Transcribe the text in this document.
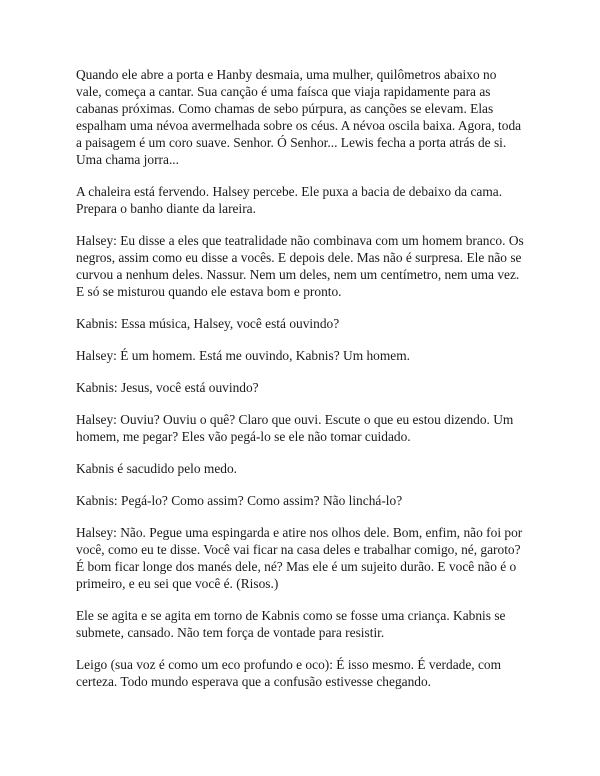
Quando ele abre a porta e Hanby desmaia, uma mulher, quilômetros abaixo no vale, começa a cantar. Sua canção é uma faísca que viaja rapidamente para as cabanas próximas. Como chamas de sebo púrpura, as canções se elevam. Elas espalham uma névoa avermelhada sobre os céus. A névoa oscila baixa. Agora, toda a paisagem é um coro suave. Senhor. Ó Senhor... Lewis fecha a porta atrás de si. Uma chama jorra...

A chaleira está fervendo. Halsey percebe. Ele puxa a bacia de debaixo da cama. Prepara o banho diante da lareira.

Halsey: Eu disse a eles que teatralidade não combinava com um homem branco. Os negros, assim como eu disse a vocês. E depois dele. Mas não é surpresa. Ele não se curvou a nenhum deles. Nassur. Nem um deles, nem um centímetro, nem uma vez. E só se misturou quando ele estava bom e pronto.

Kabnis: Essa música, Halsey, você está ouvindo?

Halsey: É um homem. Está me ouvindo, Kabnis? Um homem.

Kabnis: Jesus, você está ouvindo?

Halsey: Ouviu? Ouviu o quê? Claro que ouvi. Escute o que eu estou dizendo. Um homem, me pegar? Eles vão pegá-lo se ele não tomar cuidado.

Kabnis é sacudido pelo medo.

Kabnis: Pegá-lo? Como assim? Como assim? Não linchá-lo?

Halsey: Não. Pegue uma espingarda e atire nos olhos dele. Bom, enfim, não foi por você, como eu te disse. Você vai ficar na casa deles e trabalhar comigo, né, garoto? É bom ficar longe dos manés dele, né? Mas ele é um sujeito durão. E você não é o primeiro, e eu sei que você é. (Risos.)

Ele se agita e se agita em torno de Kabnis como se fosse uma criança. Kabnis se submete, cansado. Não tem força de vontade para resistir.

Leigo (sua voz é como um eco profundo e oco): É isso mesmo. É verdade, com certeza. Todo mundo esperava que a confusão estivesse chegando.
